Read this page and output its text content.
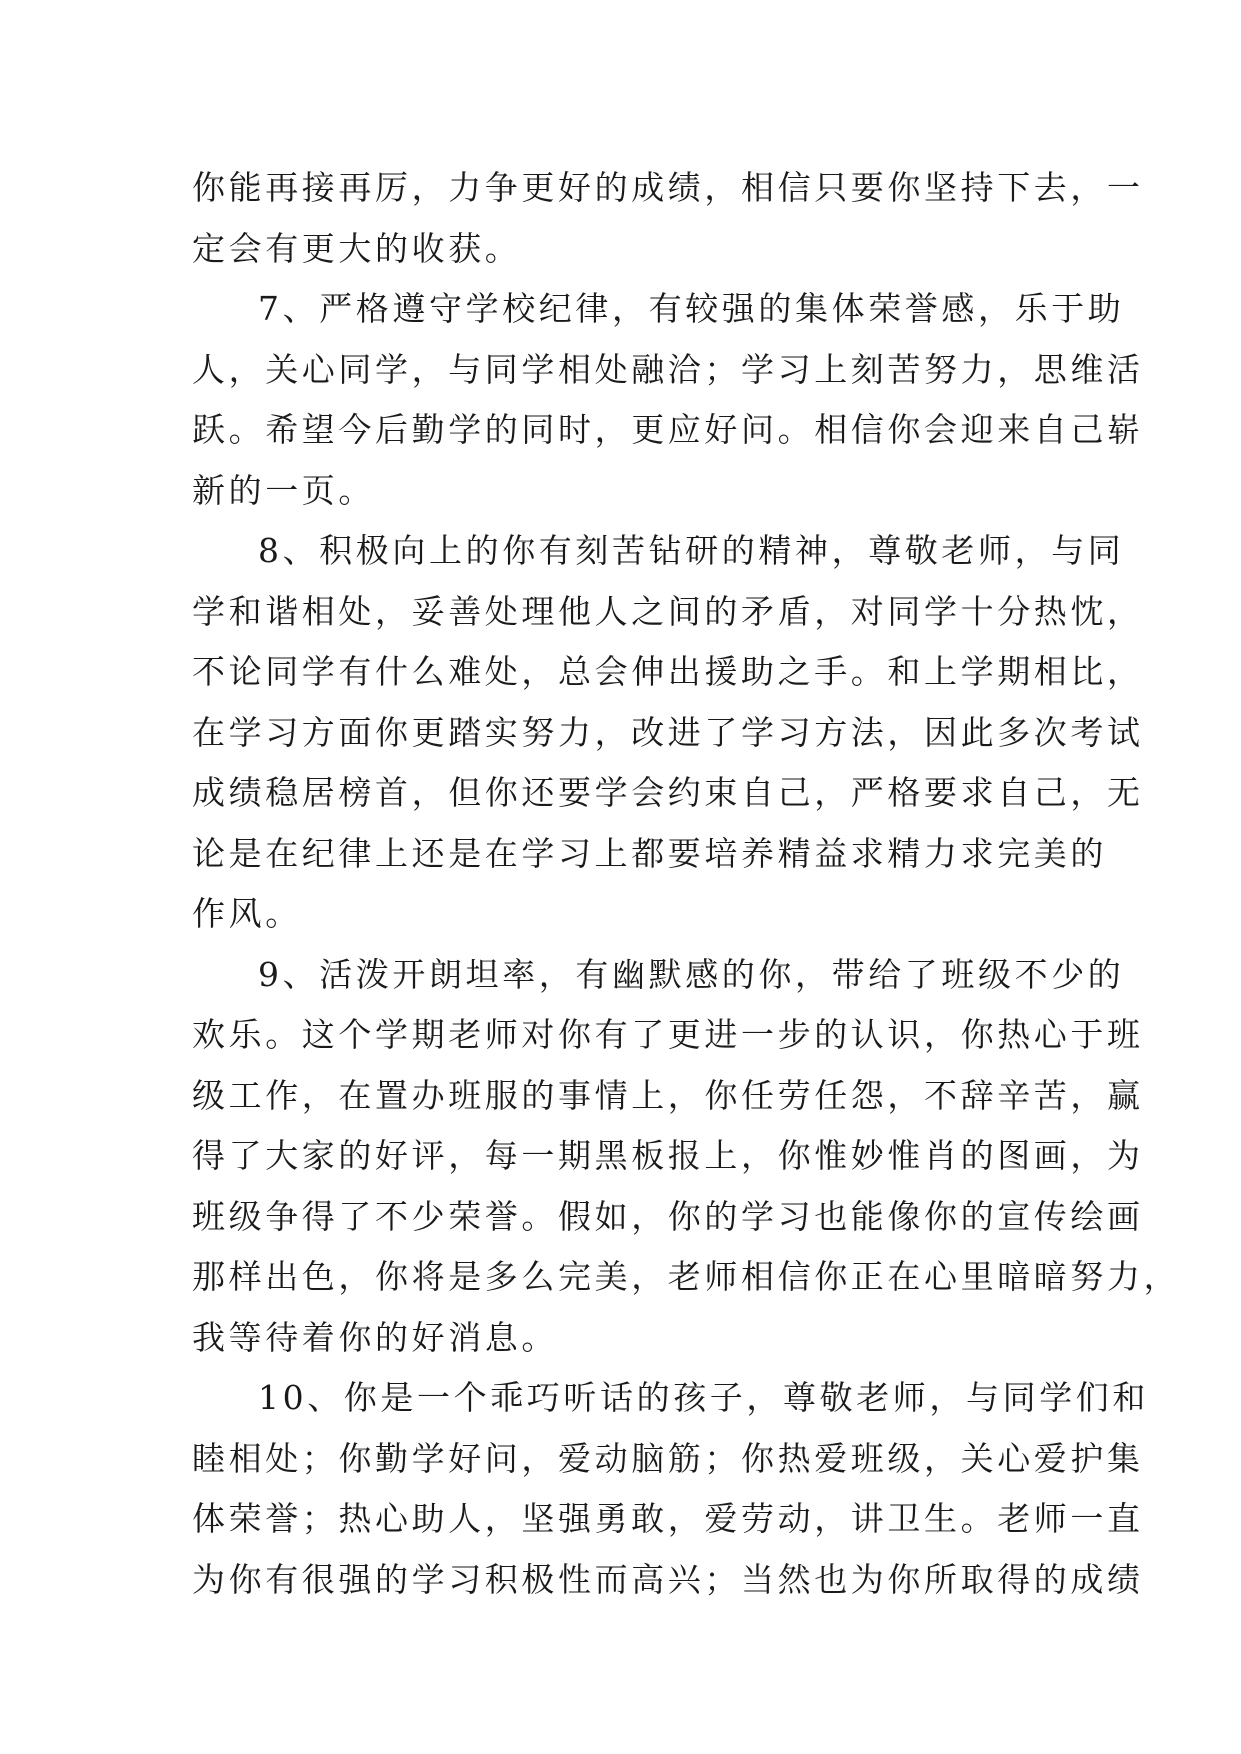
你能再接再厉，力争更好的成绩，相信只要你坚持下去，一
定会有更大的收获。
7、严格遵守学校纪律，有较强的集体荣誉感，乐于助
人，关心同学，与同学相处融洽；学习上刻苦努力，思维活
跃。希望今后勤学的同时，更应好问。相信你会迎来自己崭
新的一页。
8、积极向上的你有刻苦钻研的精神，尊敬老师，与同
学和谐相处，妥善处理他人之间的矛盾，对同学十分热忱，
不论同学有什么难处，总会伸出援助之手。和上学期相比，
在学习方面你更踏实努力，改进了学习方法，因此多次考试
成绩稳居榜首，但你还要学会约束自己，严格要求自己，无
论是在纪律上还是在学习上都要培养精益求精力求完美的
作风。
9、活泼开朗坦率，有幽默感的你，带给了班级不少的
欢乐。这个学期老师对你有了更进一步的认识，你热心于班
级工作，在置办班服的事情上，你任劳任怨，不辞辛苦，赢
得了大家的好评，每一期黑板报上，你惟妙惟肖的图画，为
班级争得了不少荣誉。假如，你的学习也能像你的宣传绘画
那样出色，你将是多么完美，老师相信你正在心里暗暗努力，
我等待着你的好消息。
10、你是一个乖巧听话的孩子，尊敬老师，与同学们和
睦相处；你勤学好问，爱动脑筋；你热爱班级，关心爱护集
体荣誉；热心助人，坚强勇敢，爱劳动，讲卫生。老师一直
为你有很强的学习积极性而高兴；当然也为你所取得的成绩
